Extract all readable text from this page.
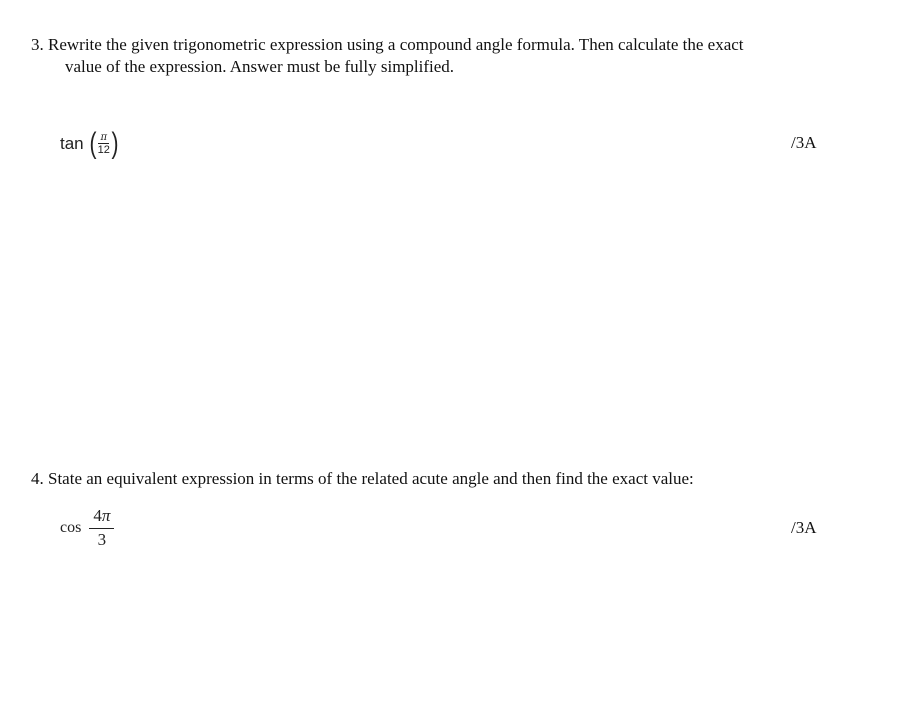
3. Rewrite the given trigonometric expression using a compound angle formula. Then calculate the exact
value of the expression. Answer must be fully simplified.
tan ( $\frac{\pi}{12}$ )	/3A
4. State an equivalent expression in terms of the related acute angle and then find the exact value:
$\cos \frac{4\pi}{3}$	/3A
